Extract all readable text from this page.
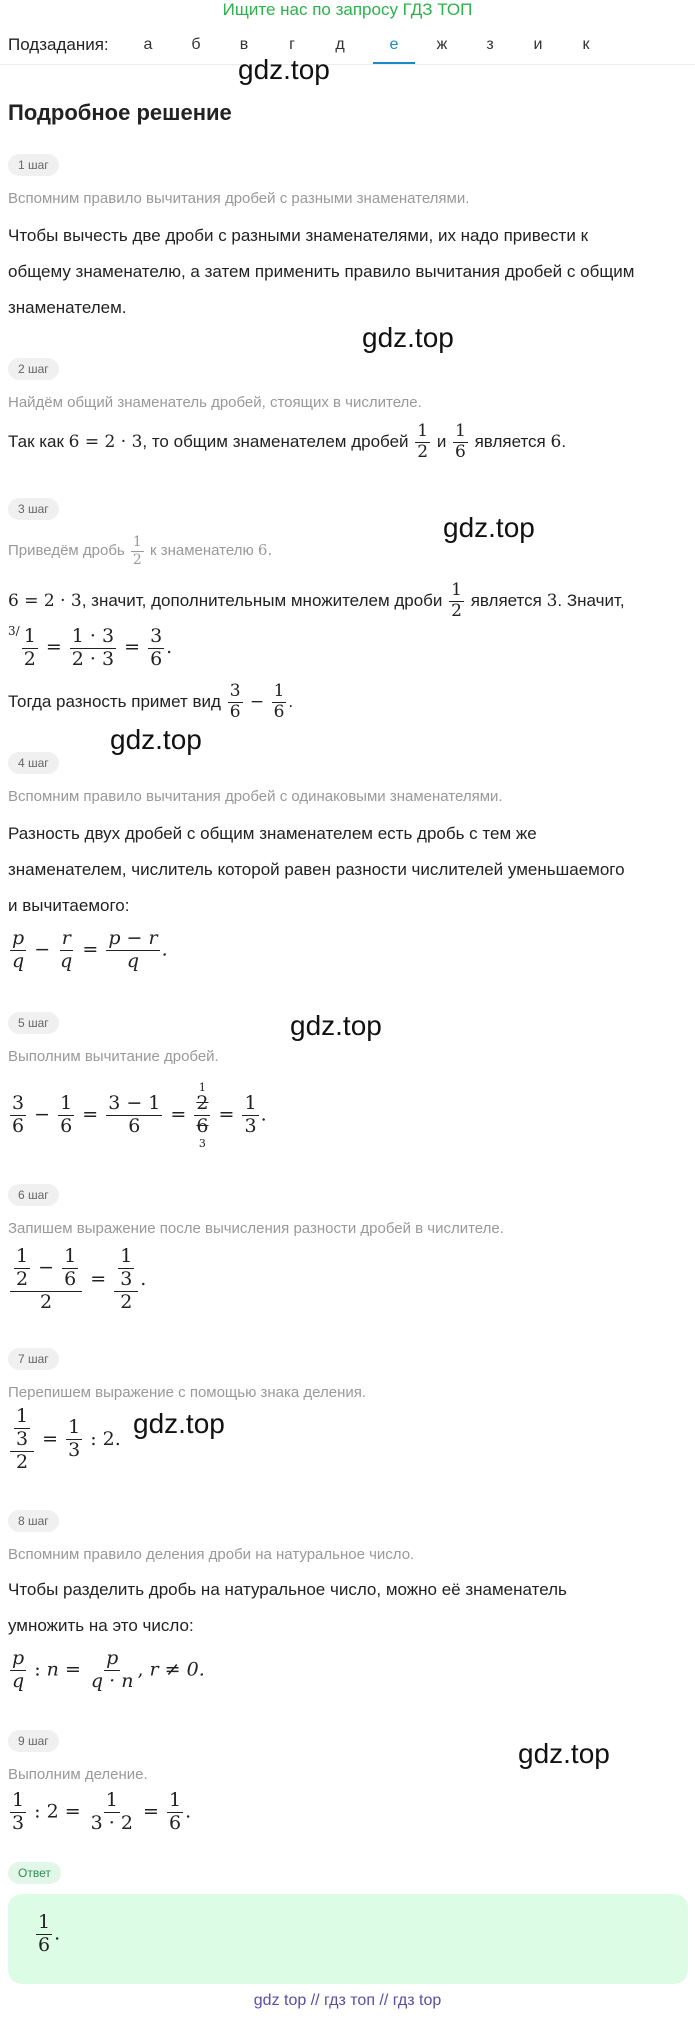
Ищите нас по запросу ГДЗ ТОП
Подзадания:	а	б	в	г	д	е	ж	з	и	к
gdz.top
gdz.top
gdz.top
gdz.top
gdz.top
gdz.top
gdz.top
Подробное решение
1 шаг
Вспомним правило вычитания дробей с разными знаменателями.
Чтобы вычесть две дроби с разными знаменателями, их надо привести к
общему знаменателю, а затем применить правило вычитания дробей с общим
знаменателем.
2 шаг
Найдём общий знаменатель дробей, стоящих в числителе.
Так как 6 = 2 · 3, то общим знаменателем дробей $\frac{1}{2}$ и $\frac{1}{6}$ является 6.
3 шаг
Приведём дробь $\frac{1}{2}$ к знаменателю 6.
6 = 2 · 3, значит, дополнительным множителем дроби $\frac{1}{2}$ является 3. Значит,
$^{3/} \frac{1}{2} = \frac{1 \cdot 3}{2 \cdot 3} = \frac{3}{6}$ .
Тогда разность примет вид $\frac{3}{6} - \frac{1}{6}$ .
4 шаг
Вспомним правило вычитания дробей с одинаковыми знаменателями.
Разность двух дробей с общим знаменателем есть дробь с тем же
знаменателем, числитель которой равен разности числителей уменьшаемого
и вычитаемого:
$\frac{p}{q} - \frac{r}{q} = \frac{p - r}{q}$ .
5 шаг
Выполним вычитание дробей.
$\frac{3}{6} - \frac{1}{6} = \frac{3 - 1}{6}$ =
1
$\frac{2}{6}$
3
= $\frac{1}{3}$ .
6 шаг
Запишем выражение после вычисления разности дробей в числителе.
$\frac{\frac{1}{2} - \frac{1}{6}}{2} = \frac{\frac{1}{3}}{2}$ .
7 шаг
Перепишем выражение с помощью знака деления.
$\frac{\frac{1}{3}}{2} = \frac{1}{3}$ : 2.
8 шаг
Вспомним правило деления дроби на натуральное число.
Чтобы разделить дробь на натуральное число, можно её знаменатель
умножить на это число:
$\frac{p}{q}$ : $n = \frac{p}{q \cdot n}$ , r ≠ 0.
9 шаг
Выполним деление.
$\frac{1}{3}$ : $2 = \frac{1}{3 \cdot 2} = \frac{1}{6}$ .
Ответ
$\frac{1}{6}$ .
gdz top // гдз топ // гдз top
